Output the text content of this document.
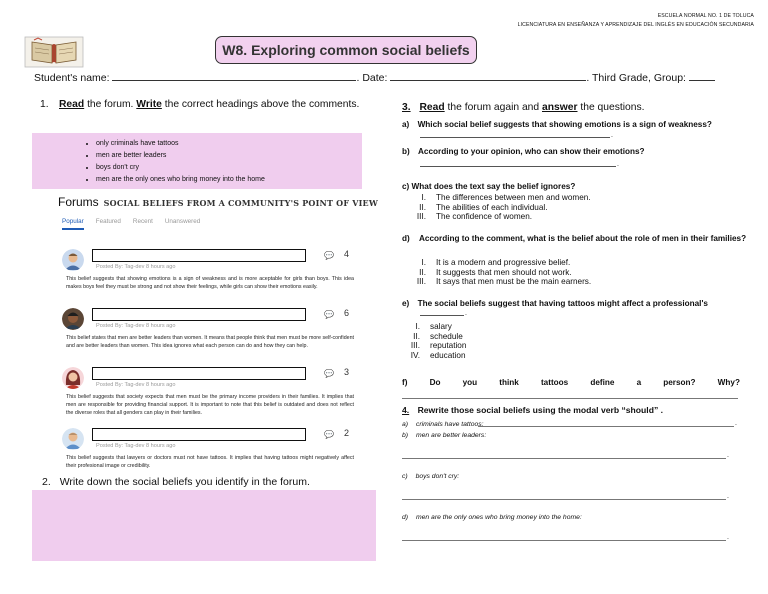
ESCUELA NORMAL NO. 1 DE TOLUCA
LICENCIATURA EN ENSEÑANZA Y APRENDIZAJE DEL INGLÉS EN EDUCACIÓN SECUNDARIA
W8. Exploring common social beliefs
Student's name:	. Date:	. Third Grade, Group:
1.	Read the forum. Write the correct headings above the comments.
• only criminals have tattoos
• men are better leaders
• boys don't cry
• men are the only ones who bring money into the home
Forums SOCIAL BELIEFS FROM A COMMUNITY'S POINT OF VIEW
Popular Featured Recent Unanswered
💬 4
Posted By: Tag-dev 8 hours ago
This belief suggests that showing emotions is a sign of weakness and is more aceptable for girls than boys. This idea makes boys feel they must be strong and not show their feelings, while girls can show their emotions easily.
💬 6
Posted By: Tag-dev 8 hours ago
This belief states that men are better leaders than women. It means that people think that men must be more self-confident and are better leaders than women. This idea ignores what each person can do and how they can help.
💬 3
Posted By: Tag-dev 8 hours ago
This belief suggests that society expects that men must be the primary income providers in their families. It implies that men are responsible for providing financial support. It is important to note that this belief is outdated and does not reflect the diverse roles that all genders can play in their families.
💬 2
Posted By: Tag-dev 8 hours ago
This belief suggests that lawyers or doctors must not have tattoos. It implies that having tattoos might negatively affect their profesional image or credibility.
2. Write down the social beliefs you identify in the forum.
3. Read the forum again and answer the questions.
a) Which social belief suggests that showing emotions is a sign of weakness?
.
b) According to your opinion, who can show their emotions?
.
c) What does the text say the belief ignores?
I. The differences between men and women.
II. The abilities of each individual.
III. The confidence of women.
d) According to the comment, what is the belief about the role of men in their families?
I. It is a modern and progressive belief.
II. It suggests that men should not work.
III. It says that men must be the main earners.
e) The social beliefs suggest that having tattoos might affect a professional's
.
I. salary
II. schedule
III. reputation
IV. education
f)	Do	you	think	tattoos	define	a	person?	Why?
4. Rewrite those social beliefs using the modal verb “should” .
a) criminals have tattoos:	.
b) men are better leaders:
.
c) boys don't cry:
.
d) men are the only ones who bring money into the home:
.
